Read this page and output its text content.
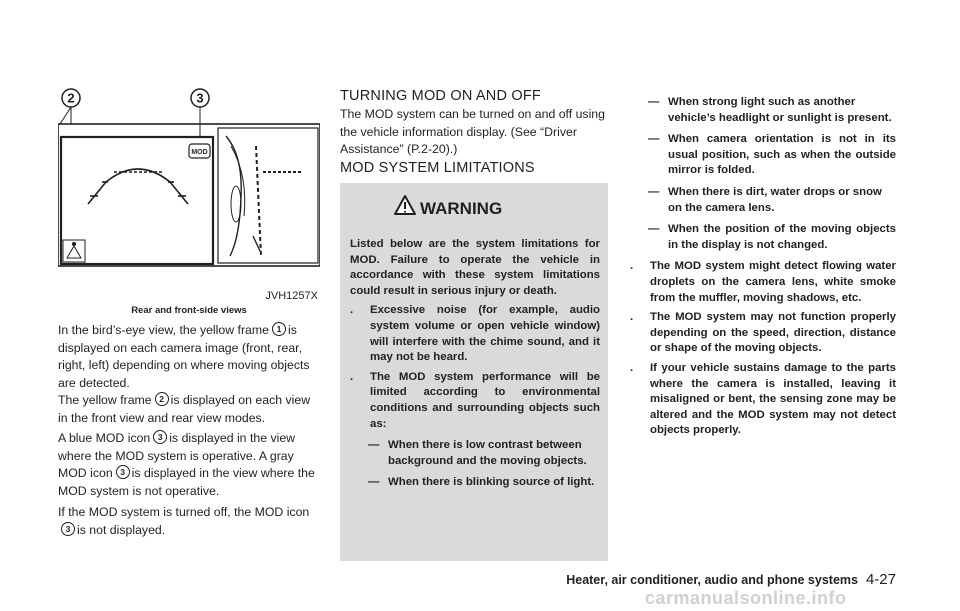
2	3
MOD
JVH1257X
Rear and front-side views
In the bird’s-eye view, the yellow frame 1 is displayed on each camera image (front, rear, right, left) depending on where moving objects are detected.
The yellow frame 2 is displayed on each view in the front view and rear view modes.
A blue MOD icon 3 is displayed in the view where the MOD system is operative. A gray MOD icon 3 is displayed in the view where the MOD system is not operative.
If the MOD system is turned off, the MOD icon3 is not displayed.
TURNING MOD ON AND OFF
The MOD system can be turned on and off using the vehicle information display. (See “Driver Assistance” (P.2-20).)
MOD SYSTEM LIMITATIONS
WARNING
Listed below are the system limitations for MOD. Failure to operate the vehicle in accordance with these system limitations could result in serious injury or death.
.	Excessive noise (for example, audio system volume or open vehicle window) will interfere with the chime sound, and it may not be heard.
.	The MOD system performance will be limited according to environmental conditions and surrounding objects such as:
— When there is low contrast between background and the moving objects.
— When there is blinking source of light.
— When strong light such as another vehicle’s headlight or sunlight is present.
— When camera orientation is not in its usual position, such as when the outside mirror is folded.
— When there is dirt, water drops or snow on the camera lens.
— When the position of the moving objects in the display is not changed.
.	The MOD system might detect flowing water droplets on the camera lens, white smoke from the muffler, moving shadows, etc.
.	The MOD system may not function properly depending on the speed, direction, distance or shape of the moving objects.
.	If your vehicle sustains damage to the parts where the camera is installed, leaving it misaligned or bent, the sensing zone may be altered and the MOD system may not detect objects properly.
Heater, air conditioner, audio and phone systems 4-27
carmanualsonline.info
